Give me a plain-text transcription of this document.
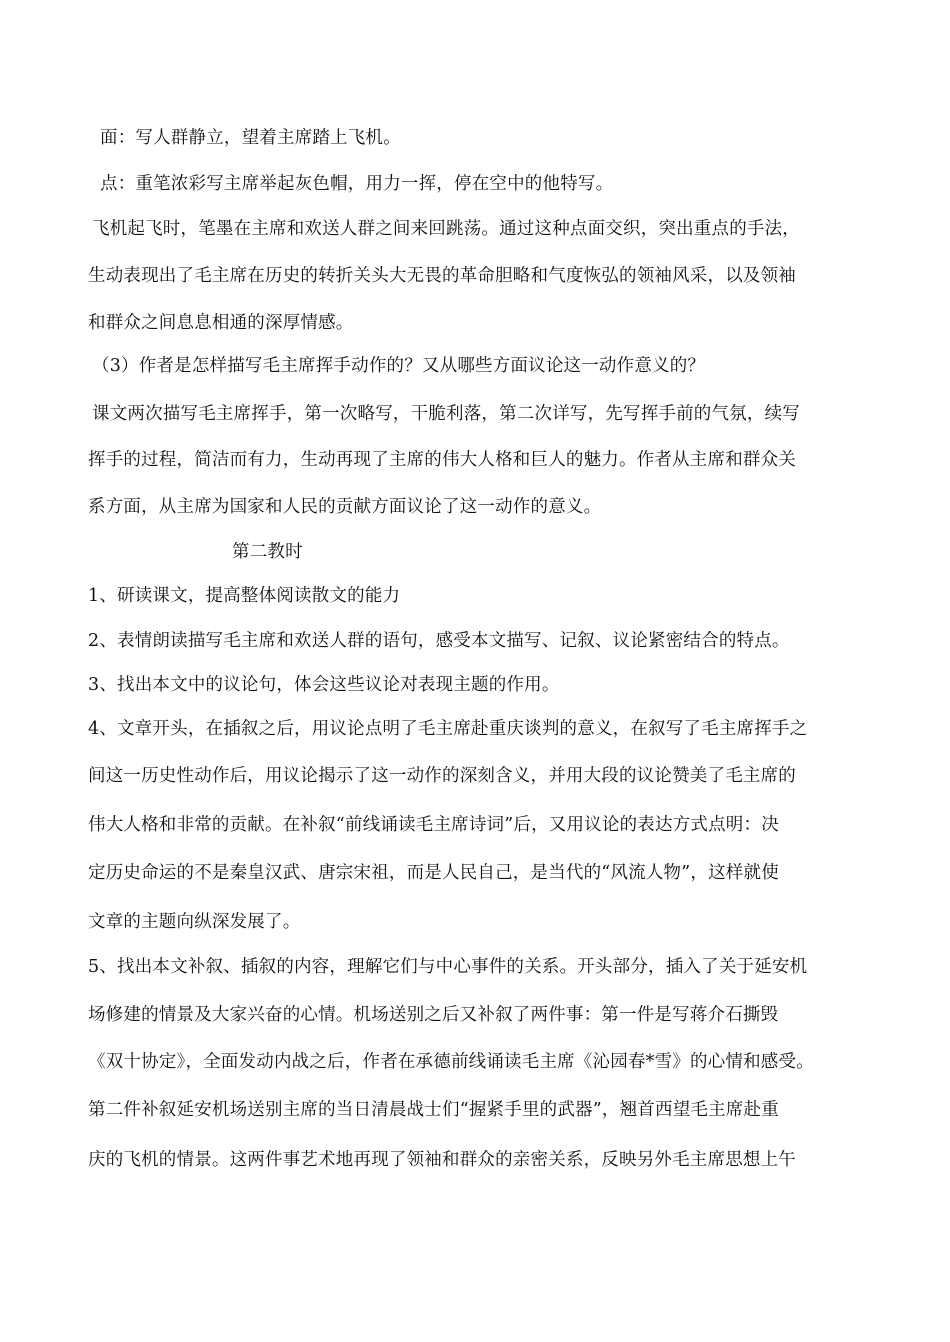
面：写人群静立，望着主席踏上飞机。
点：重笔浓彩写主席举起灰色帽，用力一挥，停在空中的他特写。
飞机起飞时，笔墨在主席和欢送人群之间来回跳荡。通过这种点面交织，突出重点的手法，
生动表现出了毛主席在历史的转折关头大无畏的革命胆略和气度恢弘的领袖风采，以及领袖
和群众之间息息相通的深厚情感。
（3）作者是怎样描写毛主席挥手动作的？又从哪些方面议论这一动作意义的？
课文两次描写毛主席挥手，第一次略写，干脆利落，第二次详写，先写挥手前的气氛，续写
挥手的过程，简洁而有力，生动再现了主席的伟大人格和巨人的魅力。作者从主席和群众关
系方面，从主席为国家和人民的贡献方面议论了这一动作的意义。
第二教时
1、研读课文，提高整体阅读散文的能力
2、表情朗读描写毛主席和欢送人群的语句，感受本文描写、记叙、议论紧密结合的特点。
3、找出本文中的议论句，体会这些议论对表现主题的作用。
4、文章开头，在插叙之后，用议论点明了毛主席赴重庆谈判的意义，在叙写了毛主席挥手之
间这一历史性动作后，用议论揭示了这一动作的深刻含义，并用大段的议论赞美了毛主席的
伟大人格和非常的贡献。在补叙“前线诵读毛主席诗词”后，又用议论的表达方式点明：决
定历史命运的不是秦皇汉武、唐宗宋祖，而是人民自己，是当代的“风流人物”，这样就使
文章的主题向纵深发展了。
5、找出本文补叙、插叙的内容，理解它们与中心事件的关系。开头部分，插入了关于延安机
场修建的情景及大家兴奋的心情。机场送别之后又补叙了两件事：第一件是写蒋介石撕毁
《双十协定》，全面发动内战之后，作者在承德前线诵读毛主席《沁园春*雪》的心情和感受。
第二件补叙延安机场送别主席的当日清晨战士们“握紧手里的武器”，翘首西望毛主席赴重
庆的飞机的情景。这两件事艺术地再现了领袖和群众的亲密关系，反映另外毛主席思想上午
